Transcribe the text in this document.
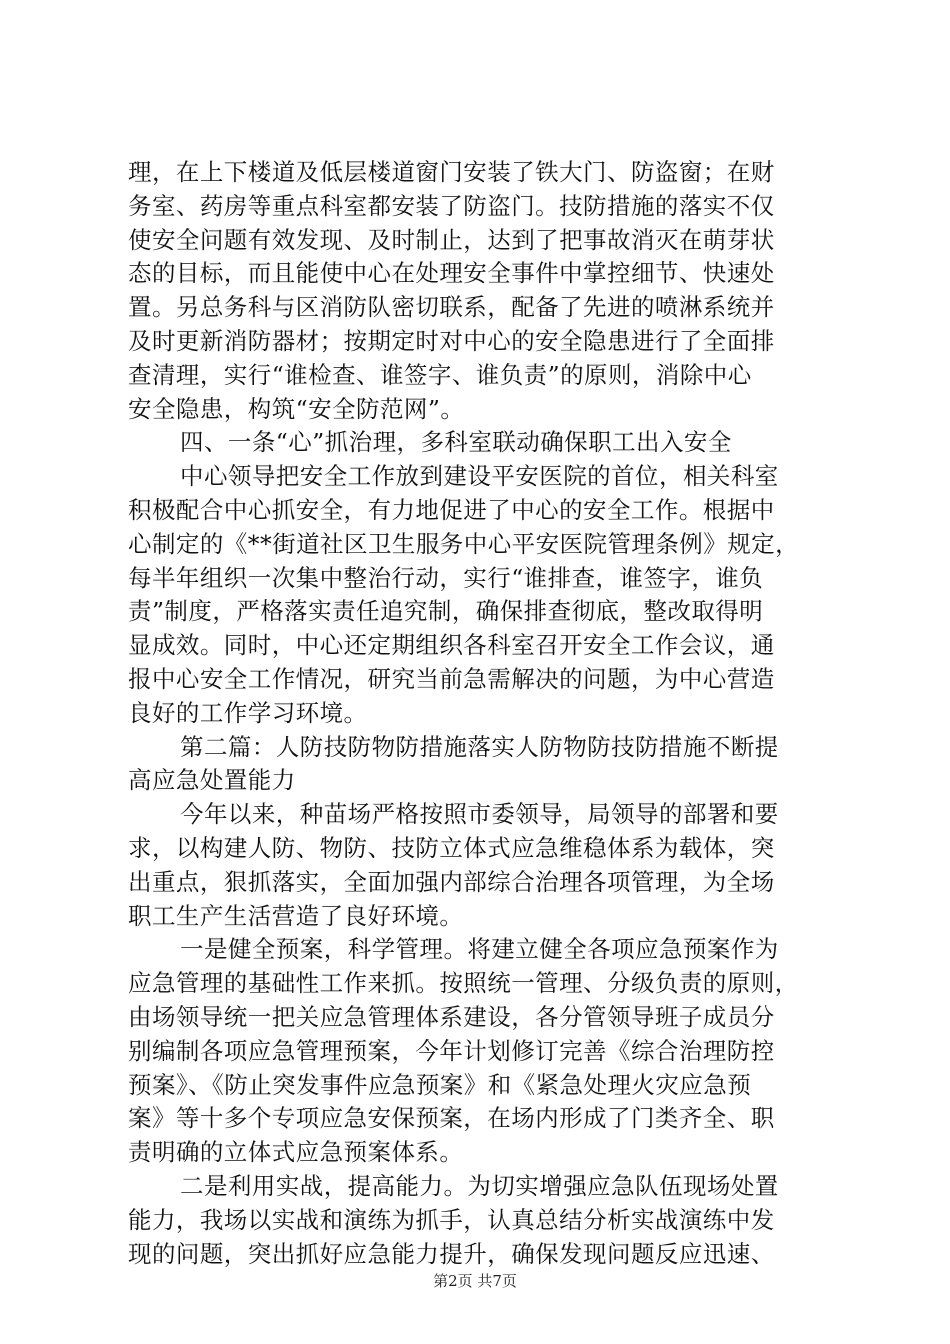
理，在上下楼道及低层楼道窗门安装了铁大门、防盗窗；在财
务室、药房等重点科室都安装了防盗门。技防措施的落实不仅
使安全问题有效发现、及时制止，达到了把事故消灭在萌芽状
态的目标，而且能使中心在处理安全事件中掌控细节、快速处
置。另总务科与区消防队密切联系，配备了先进的喷淋系统并
及时更新消防器材；按期定时对中心的安全隐患进行了全面排
查清理，实行“谁检查、谁签字、谁负责”的原则，消除中心
安全隐患，构筑“安全防范网”。
四、一条“心”抓治理，多科室联动确保职工出入安全
中心领导把安全工作放到建设平安医院的首位，相关科室
积极配合中心抓安全，有力地促进了中心的安全工作。根据中
心制定的《**街道社区卫生服务中心平安医院管理条例》规定，
每半年组织一次集中整治行动，实行“谁排查，谁签字，谁负
责”制度，严格落实责任追究制，确保排查彻底，整改取得明
显成效。同时，中心还定期组织各科室召开安全工作会议，通
报中心安全工作情况，研究当前急需解决的问题，为中心营造
良好的工作学习环境。
第二篇：人防技防物防措施落实人防物防技防措施不断提
高应急处置能力
今年以来，种苗场严格按照市委领导，局领导的部署和要
求，以构建人防、物防、技防立体式应急维稳体系为载体，突
出重点，狠抓落实，全面加强内部综合治理各项管理，为全场
职工生产生活营造了良好环境。
一是健全预案，科学管理。将建立健全各项应急预案作为
应急管理的基础性工作来抓。按照统一管理、分级负责的原则，
由场领导统一把关应急管理体系建设，各分管领导班子成员分
别编制各项应急管理预案，今年计划修订完善《综合治理防控
预案》、《防止突发事件应急预案》和《紧急处理火灾应急预
案》等十多个专项应急安保预案，在场内形成了门类齐全、职
责明确的立体式应急预案体系。
二是利用实战，提高能力。为切实增强应急队伍现场处置
能力，我场以实战和演练为抓手，认真总结分析实战演练中发
现的问题，突出抓好应急能力提升，确保发现问题反应迅速、
第2页 共7页
